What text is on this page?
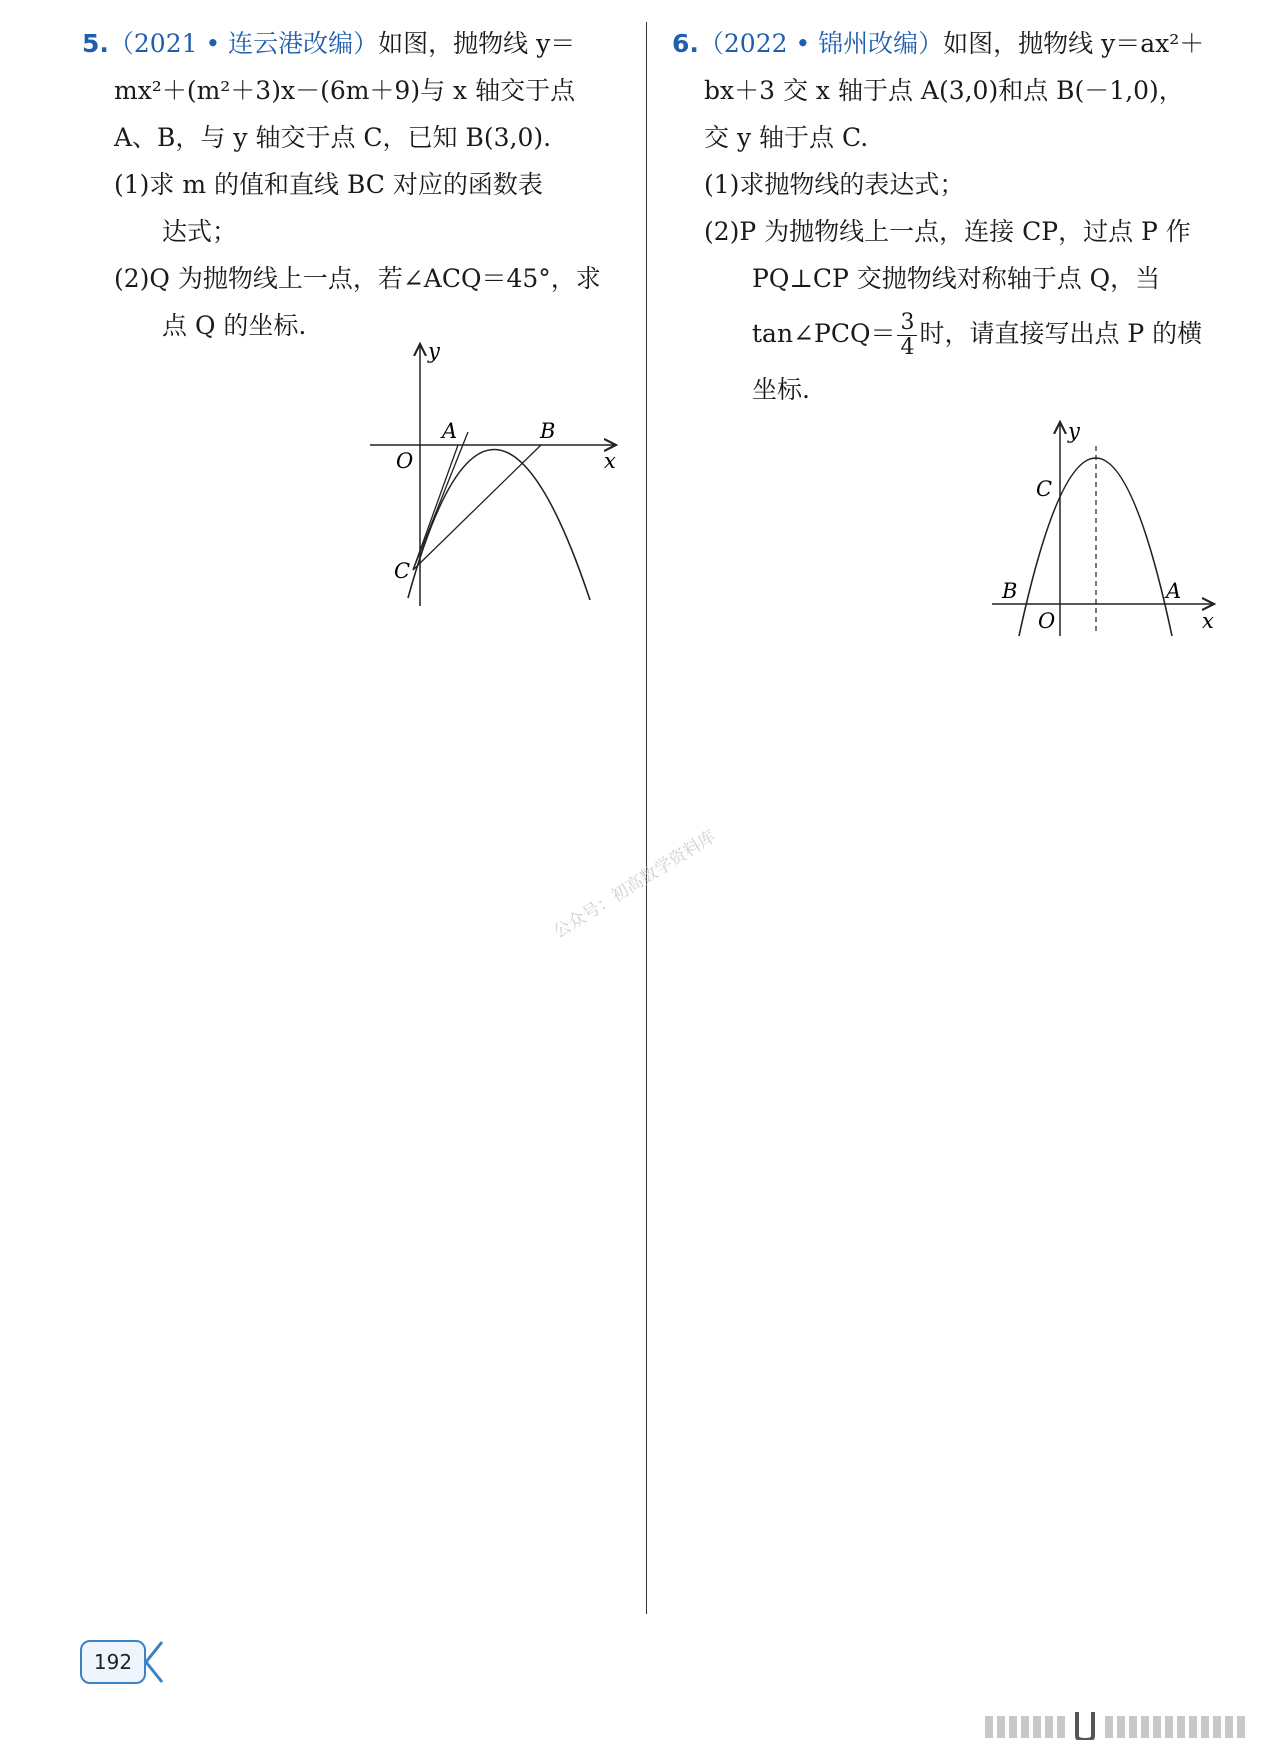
5.（2021 • 连云港改编）如图，抛物线 y＝
mx²＋(m²＋3)x－(6m＋9)与 x 轴交于点
A、B，与 y 轴交于点 C，已知 B(3,0).
(1)求 m 的值和直线 BC 对应的函数表
达式；
(2)Q 为抛物线上一点，若∠ACQ＝45°，求
点 Q 的坐标.
y
x
O
A	B
C
6.（2022 • 锦州改编）如图，抛物线 y＝ax²＋
bx＋3 交 x 轴于点 A(3,0)和点 B(－1,0)，
交 y 轴于点 C.
(1)求抛物线的表达式；
(2)P 为抛物线上一点，连接 CP，过点 P 作
PQ⊥CP 交抛物线对称轴于点 Q，当
tan∠PCQ＝ $\frac{3}{4}$ 时，请直接写出点 P 的横
坐标.
y
x
O
A
B
C
公众号：初高数学资料库
192
